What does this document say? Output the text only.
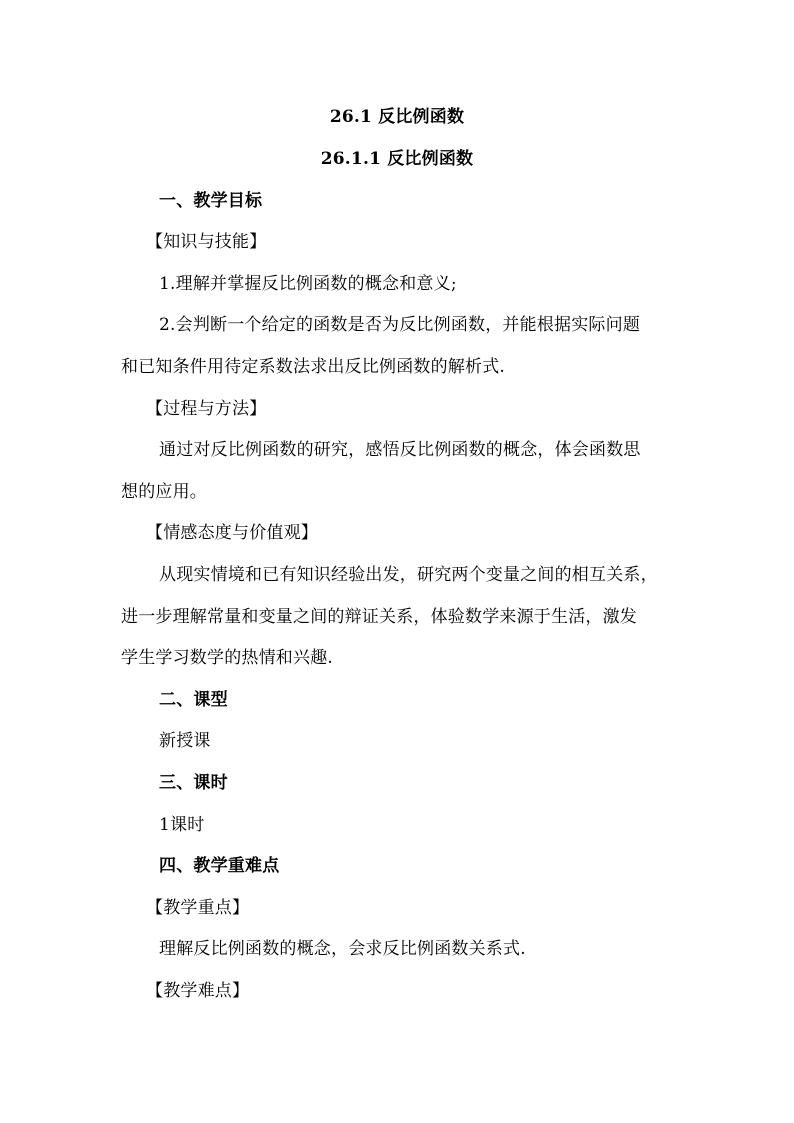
26.1 反比例函数
26.1.1 反比例函数
一、教学目标
【知识与技能】
1.理解并掌握反比例函数的概念和意义;
2.会判断一个给定的函数是否为反比例函数，并能根据实际问题
和已知条件用待定系数法求出反比例函数的解析式.
【过程与方法】
通过对反比例函数的研究，感悟反比例函数的概念，体会函数思
想的应用。
【情感态度与价值观】
从现实情境和已有知识经验出发，研究两个变量之间的相互关系，
进一步理解常量和变量之间的辩证关系，体验数学来源于生活，激发
学生学习数学的热情和兴趣.
二、课型
新授课
三、课时
1课时
四、教学重难点
【教学重点】
理解反比例函数的概念，会求反比例函数关系式.
【教学难点】
